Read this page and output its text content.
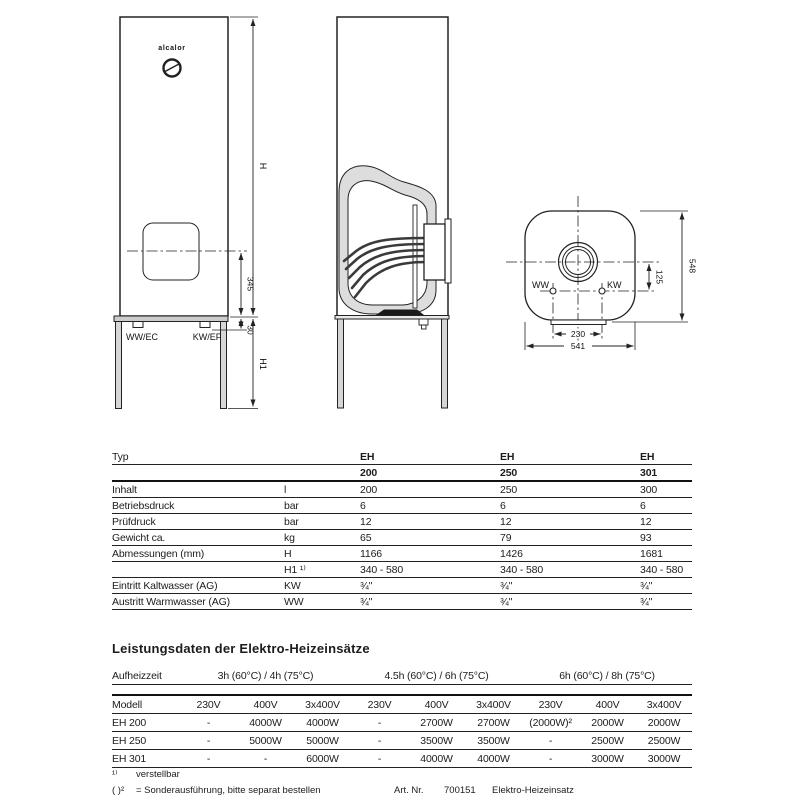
alcalor
WW/EC	KW/EF
H
345
30
H1
WW	KW
125
548
230
541
Typ		EH	EH	EH
		200	250	301
Inhalt	l	200	250	300
Betriebsdruck	bar	6	6	6
Prüfdruck	bar	12	12	12
Gewicht ca.	kg	65	79	93
Abmessungen (mm)	H	1166	1426	1681
	H1 ¹⁾	340 - 580	340 - 580	340 - 580
Eintritt Kaltwasser (AG)	KW	¾"	¾"	¾"
Austritt Warmwasser (AG)	WW	¾"	¾"	¾"
Leistungsdaten der Elektro-Heizeinsätze
Aufheizzeit	3h (60°C) / 4h (75°C)			4.5h (60°C) / 6h (75°C)			6h (60°C) / 8h (75°C)		

Modell	230V	400V	3x400V	230V	400V	3x400V	230V	400V	3x400V
EH 200	-	4000W	4000W	-	2700W	2700W	(2000W)²	2000W	2000W
EH 250	-	5000W	5000W	-	3500W	3500W	-	2500W	2500W
EH 301	-	-	6000W	-	4000W	4000W	-	3000W	3000W
¹⁾ verstellbar
( )² = Sonderausführung, bitte separat bestellen	Art. Nr. 700151 Elektro-Heizeinsatz
